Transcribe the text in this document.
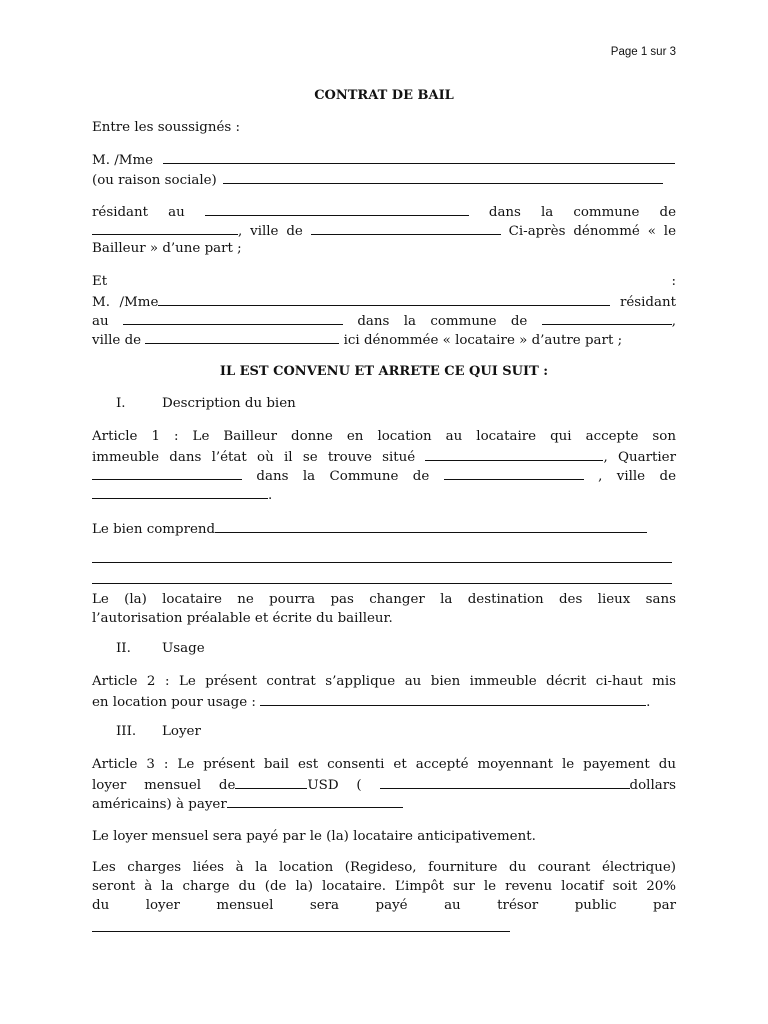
Page 1 sur 3
CONTRAT DE BAIL
Entre les soussignés :
M. /Mme
(ou raison sociale)
résidant au	dans la commune de
, ville de	Ci-après dénommé « le
Bailleur » d’une part ;
Et	:
M. /Mme	résidant
au	dans la commune de	,
ville de	ici dénommée « locataire » d’autre part ;
IL EST CONVENU ET ARRETE CE QUI SUIT :
I.	Description du bien
Article 1 : Le Bailleur donne en location au locataire qui accepte son
immeuble dans l’état où il se trouve situé	, Quartier
dans la Commune de	, ville de
.
Le bien comprend
Le (la) locataire ne pourra pas changer la destination des lieux sans
l’autorisation préalable et écrite du bailleur.
II. Usage
Article 2 : Le présent contrat s’applique au bien immeuble décrit ci-haut mis
en location pour usage :	.
III. Loyer
Article 3 : Le présent bail est consenti et accepté moyennant le payement du
loyer mensuel de	USD (	dollars
américains) à payer
Le loyer mensuel sera payé par le (la) locataire anticipativement.
Les charges liées à la location (Regideso, fourniture du courant électrique)
seront à la charge du (de la) locataire. L’impôt sur le revenu locatif soit 20%
du loyer mensuel sera payé au trésor public par
